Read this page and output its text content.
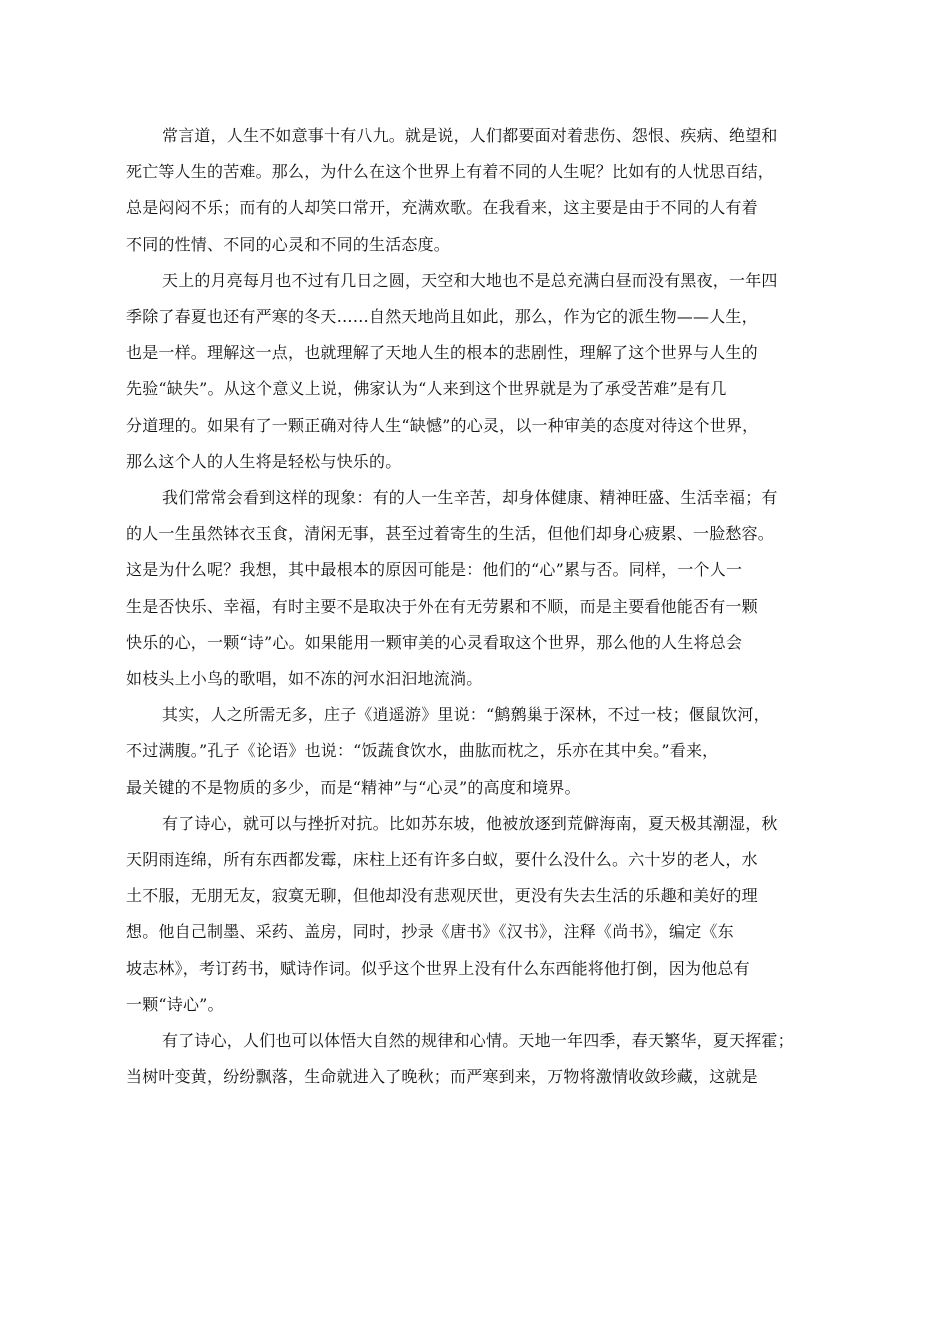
常言道，人生不如意事十有八九。就是说，人们都要面对着悲伤、怨恨、疾病、绝望和
死亡等人生的苦难。那么，为什么在这个世界上有着不同的人生呢？比如有的人忧思百结，
总是闷闷不乐；而有的人却笑口常开，充满欢歌。在我看来，这主要是由于不同的人有着
不同的性情、不同的心灵和不同的生活态度。

天上的月亮每月也不过有几日之圆，天空和大地也不是总充满白昼而没有黑夜，一年四
季除了春夏也还有严寒的冬天……自然天地尚且如此，那么，作为它的派生物——人生，
也是一样。理解这一点，也就理解了天地人生的根本的悲剧性，理解了这个世界与人生的
先验“缺失”。从这个意义上说，佛家认为“人来到这个世界就是为了承受苦难”是有几
分道理的。如果有了一颗正确对待人生“缺憾”的心灵，以一种审美的态度对待这个世界，
那么这个人的人生将是轻松与快乐的。

我们常常会看到这样的现象：有的人一生辛苦，却身体健康、精神旺盛、生活幸福；有
的人一生虽然钵衣玉食，清闲无事，甚至过着寄生的生活，但他们却身心疲累、一脸愁容。
这是为什么呢？我想，其中最根本的原因可能是：他们的“心”累与否。同样，一个人一
生是否快乐、幸福，有时主要不是取决于外在有无劳累和不顺，而是主要看他能否有一颗
快乐的心，一颗“诗”心。如果能用一颗审美的心灵看取这个世界，那么他的人生将总会
如枝头上小鸟的歌唱，如不冻的河水汩汩地流淌。

其实，人之所需无多，庄子《逍遥游》里说：“鹪鹩巢于深林，不过一枝；偃鼠饮河，
不过满腹。”孔子《论语》也说：“饭蔬食饮水，曲肱而枕之，乐亦在其中矣。”看来，
最关键的不是物质的多少，而是“精神”与“心灵”的高度和境界。

有了诗心，就可以与挫折对抗。比如苏东坡，他被放逐到荒僻海南，夏天极其潮湿，秋
天阴雨连绵，所有东西都发霉，床柱上还有许多白蚁，要什么没什么。六十岁的老人，水
土不服，无朋无友，寂寞无聊，但他却没有悲观厌世，更没有失去生活的乐趣和美好的理
想。他自己制墨、采药、盖房，同时，抄录《唐书》《汉书》，注释《尚书》，编定《东
坡志林》，考订药书，赋诗作词。似乎这个世界上没有什么东西能将他打倒，因为他总有
一颗“诗心”。

有了诗心，人们也可以体悟大自然的规律和心情。天地一年四季，春天繁华，夏天挥霍；
当树叶变黄，纷纷飘落，生命就进入了晚秋；而严寒到来，万物将激情收敛珍藏，这就是
